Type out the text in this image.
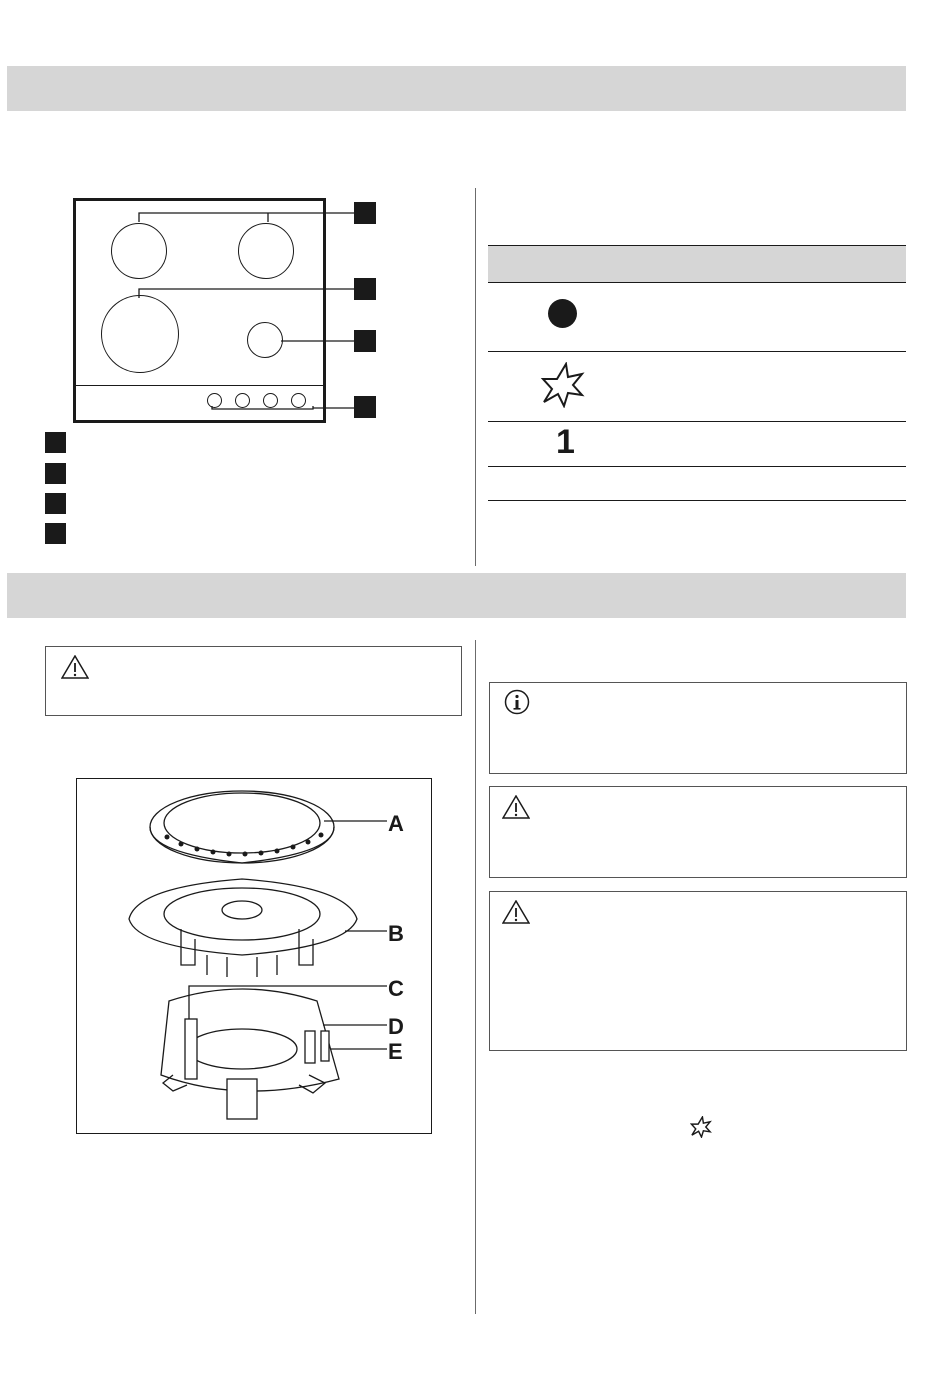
1
A
B
C
D
E
